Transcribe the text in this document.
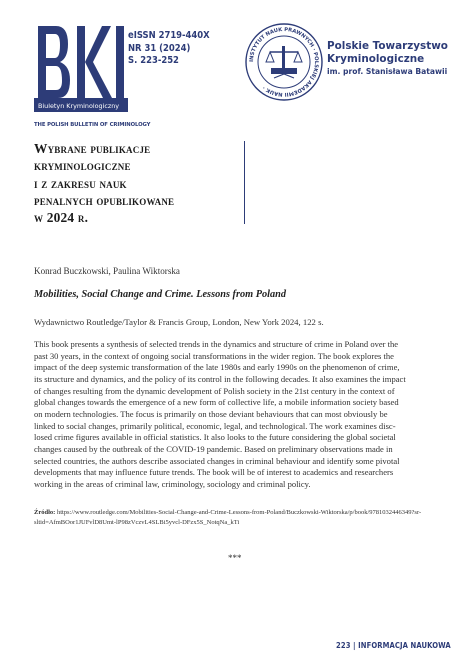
Biuletyn Kryminologiczny
eISSN 2719-440X
NR 31 (2024)
S. 223-252
THE POLISH BULLETIN OF CRIMINOLOGY
INSTYTUT NAUK PRAWNYCH · POLSKIEJ AKADEMII NAUK ·
Polskie Towarzystwo
Kryminologiczne
im. prof. Stanisława Batawii
Wybrane publikacje
kryminologiczne
i z zakresu nauk
penalnych opublikowane
w 2024 r.
Konrad Buczkowski, Paulina Wiktorska
Mobilities, Social Change and Crime. Lessons from Poland
Wydawnictwo Routledge/Taylor & Francis Group, London, New York 2024, 122 s.
This book presents a synthesis of selected trends in the dynamics and structure of crime in Poland over the
past 30 years, in the context of ongoing social transformations in the wider region. The book explores the
impact of the deep systemic transformation of the late 1980s and early 1990s on the phenomenon of crime,
its structure and dynamics, and the policy of its control in the following decades. It also examines the impact
of changes resulting from the dynamic development of Polish society in the 21st century in the context of
global changes towards the emergence of a new form of collective life, a mobile information society based
on modern technologies. The focus is primarily on those deviant behaviours that can most obviously be
linked to social changes, primarily political, economic, legal, and technological. The work examines disc-
losed crime figures available in official statistics. It also looks to the future considering the global societal
changes caused by the outbreak of the COVID-19 pandemic. Based on preliminary observations made in
selected countries, the authors describe associated changes in criminal behaviour and identify some pivotal
developments that may influence future trends. The book will be of interest to academics and researchers
working in the areas of criminal law, criminology, sociology and criminal policy.
Źródło: https://www.routledge.com/Mobilities-Social-Change-and-Crime-Lessons-from-Poland/Buczkowski-Wiktorska/p/book/9781032446349?sr-
sltid=AfmBOor1JUFvlD8Umt-lP98zVczvL4SLBi5yvcl-DFzx5S_NotqNa_kTi
***
223 | INFORMACJA NAUKOWA
